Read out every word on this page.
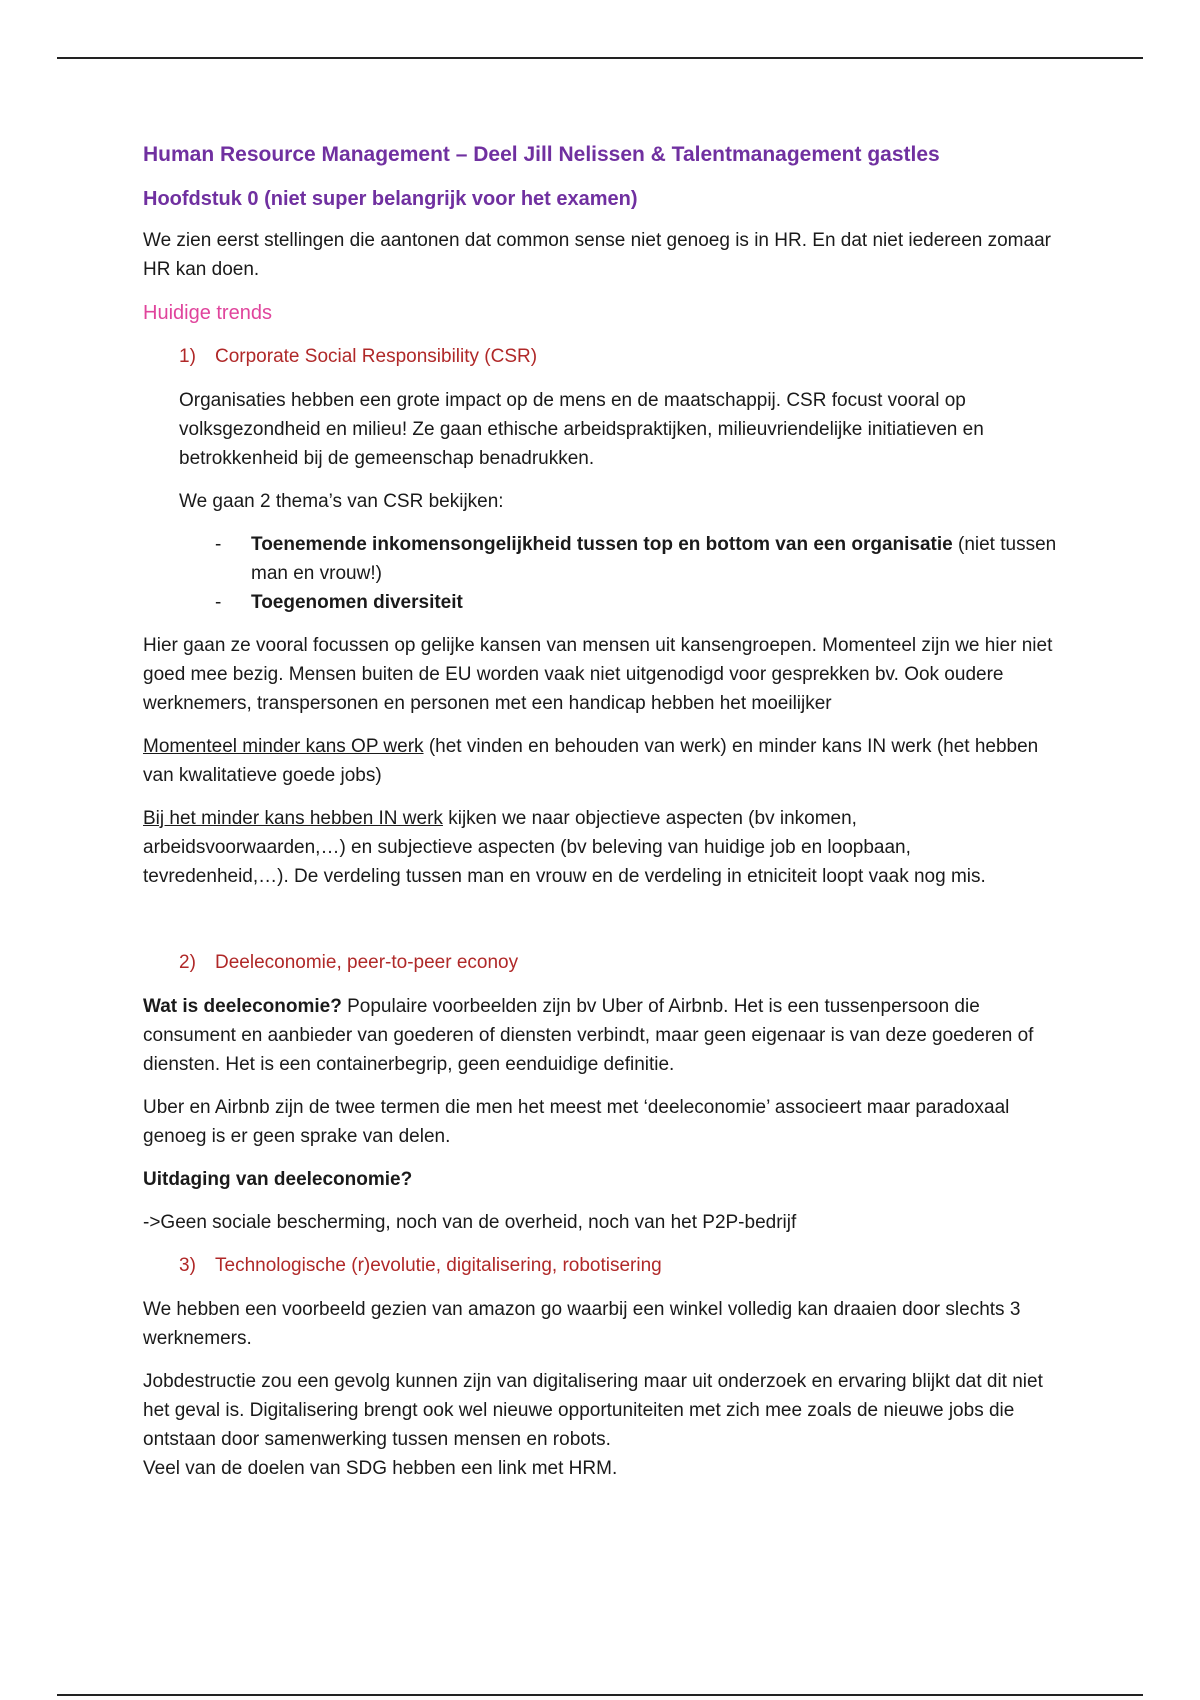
Human Resource Management – Deel Jill Nelissen & Talentmanagement gastles

Hoofdstuk 0 (niet super belangrijk voor het examen)

We zien eerst stellingen die aantonen dat common sense niet genoeg is in HR. En dat niet iedereen zomaar HR kan doen.

Huidige trends

1) Corporate Social Responsibility (CSR)

Organisaties hebben een grote impact op de mens en de maatschappij. CSR focust vooral op volksgezondheid en milieu! Ze gaan ethische arbeidspraktijken, milieuvriendelijke initiatieven en betrokkenheid bij de gemeenschap benadrukken.

We gaan 2 thema’s van CSR bekijken:

- Toenemende inkomensongelijkheid tussen top en bottom van een organisatie (niet tussen man en vrouw!)
- Toegenomen diversiteit

Hier gaan ze vooral focussen op gelijke kansen van mensen uit kansengroepen. Momenteel zijn we hier niet goed mee bezig. Mensen buiten de EU worden vaak niet uitgenodigd voor gesprekken bv. Ook oudere werknemers, transpersonen en personen met een handicap hebben het moeilijker

Momenteel minder kans OP werk (het vinden en behouden van werk) en minder kans IN werk (het hebben van kwalitatieve goede jobs)

Bij het minder kans hebben IN werk kijken we naar objectieve aspecten (bv inkomen, arbeidsvoorwaarden,…) en subjectieve aspecten (bv beleving van huidige job en loopbaan, tevredenheid,…). De verdeling tussen man en vrouw en de verdeling in etniciteit loopt vaak nog mis.

2) Deeleconomie, peer-to-peer econoy

Wat is deeleconomie? Populaire voorbeelden zijn bv Uber of Airbnb. Het is een tussenpersoon die consument en aanbieder van goederen of diensten verbindt, maar geen eigenaar is van deze goederen of diensten. Het is een containerbegrip, geen eenduidige definitie.

Uber en Airbnb zijn de twee termen die men het meest met ‘deeleconomie’ associeert maar paradoxaal genoeg is er geen sprake van delen.

Uitdaging van deeleconomie?

->Geen sociale bescherming, noch van de overheid, noch van het P2P-bedrijf

3) Technologische (r)evolutie, digitalisering, robotisering

We hebben een voorbeeld gezien van amazon go waarbij een winkel volledig kan draaien door slechts 3 werknemers.

Jobdestructie zou een gevolg kunnen zijn van digitalisering maar uit onderzoek en ervaring blijkt dat dit niet het geval is. Digitalisering brengt ook wel nieuwe opportuniteiten met zich mee zoals de nieuwe jobs die ontstaan door samenwerking tussen mensen en robots.

Veel van de doelen van SDG hebben een link met HRM.
